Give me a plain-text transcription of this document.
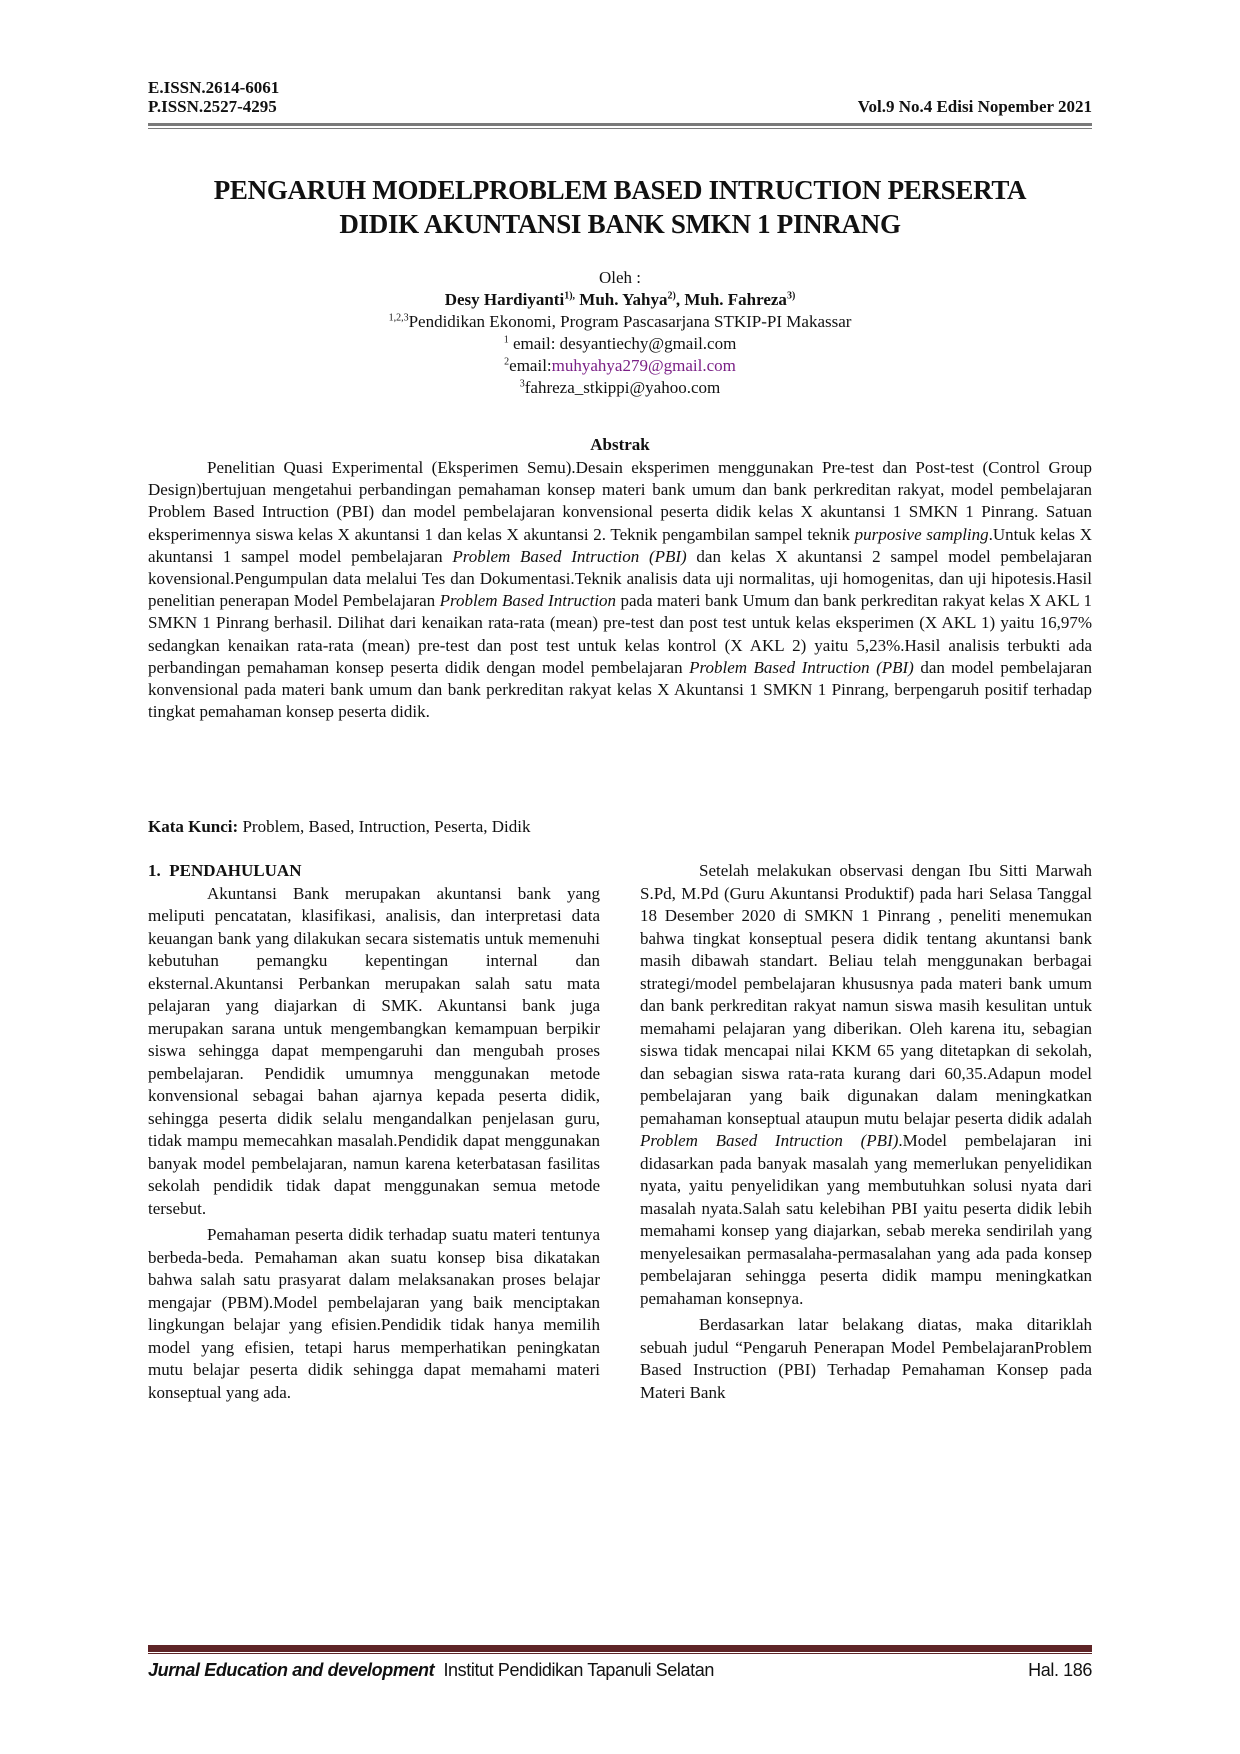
E.ISSN.2614-6061
P.ISSN.2527-4295	Vol.9 No.4 Edisi Nopember 2021
PENGARUH MODELPROBLEM BASED INTRUCTION PERSERTA
DIDIK AKUNTANSI BANK SMKN 1 PINRANG
Oleh :
Desy Hardiyanti$^{1),}$ Muh. Yahya$^{2)}$, Muh. Fahreza$^{3)}$
$^{1,2,3}$Pendidikan Ekonomi, Program Pascasarjana STKIP-PI Makassar
$^1$ email: desyantiechy@gmail.com
$^2$email:muhyahya279@gmail.com
$^3$fahreza_stkippi@yahoo.com
Abstrak

Penelitian Quasi Experimental (Eksperimen Semu).Desain eksperimen menggunakan Pre-test dan Post-test (Control Group Design)bertujuan mengetahui perbandingan pemahaman konsep materi bank umum dan bank perkreditan rakyat, model pembelajaran Problem Based Intruction (PBI) dan model pembelajaran konvensional peserta didik kelas X akuntansi 1 SMKN 1 Pinrang. Satuan eksperimennya siswa kelas X akuntansi 1 dan kelas X akuntansi 2. Teknik pengambilan sampel teknik purposive sampling.Untuk kelas X akuntansi 1 sampel model pembelajaran Problem Based Intruction (PBI) dan kelas X akuntansi 2 sampel model pembelajaran kovensional.Pengumpulan data melalui Tes dan Dokumentasi.Teknik analisis data uji normalitas, uji homogenitas, dan uji hipotesis.Hasil penelitian penerapan Model Pembelajaran Problem Based Intruction pada materi bank Umum dan bank perkreditan rakyat kelas X AKL 1 SMKN 1 Pinrang berhasil. Dilihat dari kenaikan rata-rata (mean) pre-test dan post test untuk kelas eksperimen (X AKL 1) yaitu 16,97% sedangkan kenaikan rata-rata (mean) pre-test dan post test untuk kelas kontrol (X AKL 2) yaitu 5,23%.Hasil analisis terbukti ada perbandingan pemahaman konsep peserta didik dengan model pembelajaran Problem Based Intruction (PBI) dan model pembelajaran konvensional pada materi bank umum dan bank perkreditan rakyat kelas X Akuntansi 1 SMKN 1 Pinrang, berpengaruh positif terhadap tingkat pemahaman konsep peserta didik.

Kata Kunci: Problem, Based, Intruction, Peserta, Didik
1.  PENDAHULUAN

Akuntansi Bank merupakan akuntansi bank yang meliputi pencatatan, klasifikasi, analisis, dan interpretasi data keuangan bank yang dilakukan secara sistematis untuk memenuhi kebutuhan pemangku kepentingan internal dan eksternal.Akuntansi Perbankan merupakan salah satu mata pelajaran yang diajarkan di SMK. Akuntansi bank juga merupakan sarana untuk mengembangkan kemampuan berpikir siswa sehingga dapat mempengaruhi dan mengubah proses pembelajaran. Pendidik umumnya menggunakan metode konvensional sebagai bahan ajarnya kepada peserta didik, sehingga peserta didik selalu mengandalkan penjelasan guru, tidak mampu memecahkan masalah.Pendidik dapat menggunakan banyak model pembelajaran, namun karena keterbatasan fasilitas sekolah pendidik tidak dapat menggunakan semua metode tersebut.

Pemahaman peserta didik terhadap suatu materi tentunya berbeda-beda. Pemahaman akan suatu konsep bisa dikatakan bahwa salah satu prasyarat dalam melaksanakan proses belajar mengajar (PBM).Model pembelajaran yang baik menciptakan lingkungan belajar yang efisien.Pendidik tidak hanya memilih model yang efisien, tetapi harus memperhatikan peningkatan mutu belajar peserta didik sehingga dapat memahami materi konseptual yang ada.

Setelah melakukan observasi dengan Ibu Sitti Marwah S.Pd, M.Pd (Guru Akuntansi Produktif) pada hari Selasa Tanggal 18 Desember 2020 di SMKN 1 Pinrang , peneliti menemukan bahwa tingkat konseptual pesera didik tentang akuntansi bank masih dibawah standart. Beliau telah menggunakan berbagai strategi/model pembelajaran khususnya pada materi bank umum dan bank perkreditan rakyat namun siswa masih kesulitan untuk memahami pelajaran yang diberikan. Oleh karena itu, sebagian siswa tidak mencapai nilai KKM 65 yang ditetapkan di sekolah, dan sebagian siswa rata-rata kurang dari 60,35.Adapun model pembelajaran yang baik digunakan dalam meningkatkan pemahaman konseptual ataupun mutu belajar peserta didik adalah Problem Based Intruction (PBI).Model pembelajaran ini didasarkan pada banyak masalah yang memerlukan penyelidikan nyata, yaitu penyelidikan yang membutuhkan solusi nyata dari masalah nyata.Salah satu kelebihan PBI yaitu peserta didik lebih memahami konsep yang diajarkan, sebab mereka sendirilah yang menyelesaikan permasalaha-permasalahan yang ada pada konsep pembelajaran sehingga peserta didik mampu meningkatkan pemahaman konsepnya.

Berdasarkan latar belakang diatas, maka ditariklah sebuah judul “Pengaruh Penerapan Model PembelajaranProblem Based Instruction (PBI) Terhadap Pemahaman Konsep pada Materi Bank

Jurnal Education and development  Institut Pendidikan Tapanuli Selatan	Hal. 186
